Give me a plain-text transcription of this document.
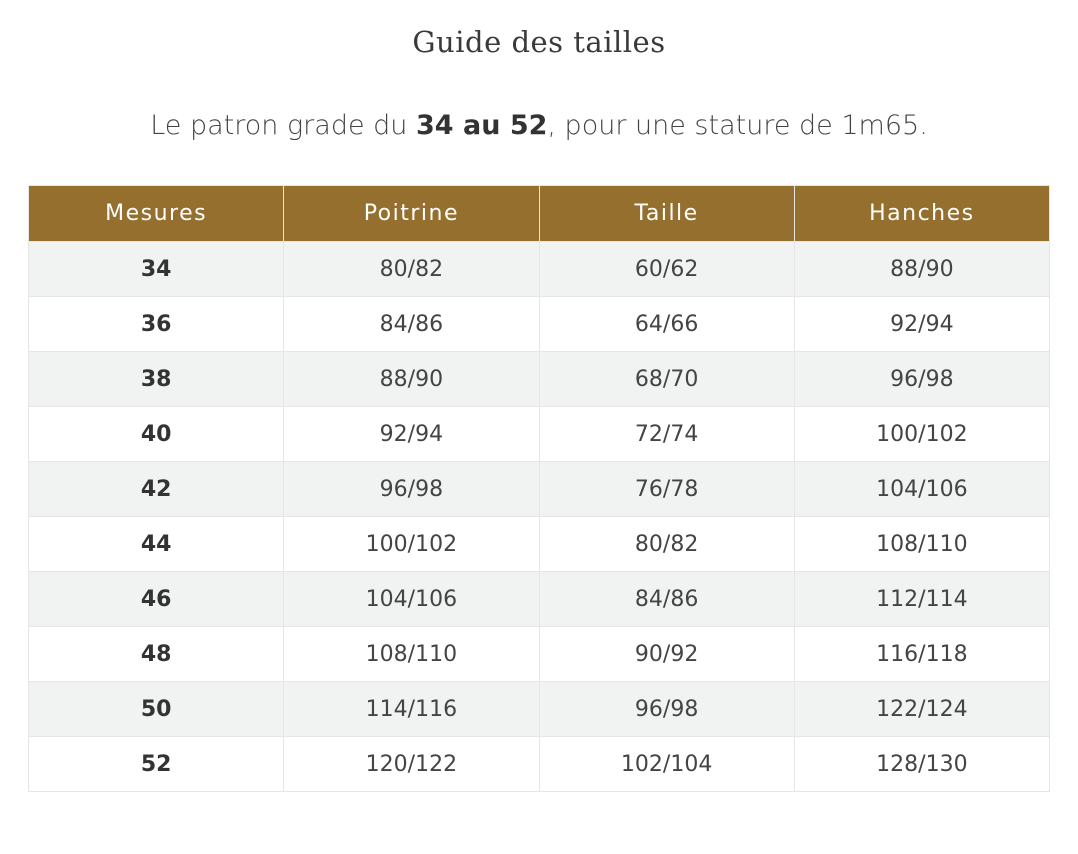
Guide des tailles
Le patron grade du 34 au 52, pour une stature de 1m65.
Mesures	Poitrine	Taille	Hanches
34	80/82	60/62	88/90
36	84/86	64/66	92/94
38	88/90	68/70	96/98
40	92/94	72/74	100/102
42	96/98	76/78	104/106
44	100/102	80/82	108/110
46	104/106	84/86	112/114
48	108/110	90/92	116/118
50	114/116	96/98	122/124
52	120/122	102/104	128/130
